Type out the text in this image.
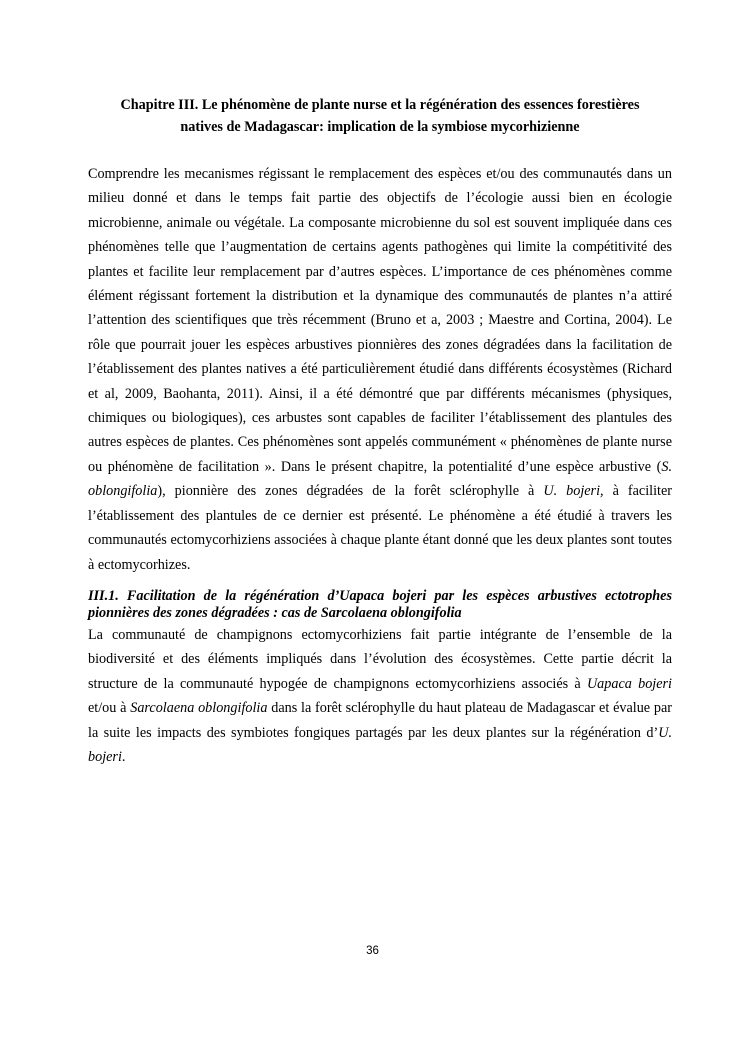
Chapitre III. Le phénomène de plante nurse et la régénération des essences forestières
natives de Madagascar: implication de la symbiose mycorhizienne

Comprendre les mecanismes régissant le remplacement des espèces et/ou des communautés dans un milieu donné et dans le temps fait partie des objectifs de l’écologie aussi bien en écologie microbienne, animale ou végétale. La composante microbienne du sol est souvent impliquée dans ces phénomènes telle que l’augmentation de certains agents pathogènes qui limite la compétitivité des plantes et facilite leur remplacement par d’autres espèces. L’importance de ces phénomènes comme élément régissant fortement la distribution et la dynamique des communautés de plantes n’a attiré l’attention des scientifiques que très récemment (Bruno et a, 2003 ; Maestre and Cortina, 2004). Le rôle que pourrait jouer les espèces arbustives pionnières des zones dégradées dans la facilitation de l’établissement des plantes natives a été particulièrement étudié dans différents écosystèmes (Richard et al, 2009, Baohanta, 2011). Ainsi, il a été démontré que par différents mécanismes (physiques, chimiques ou biologiques), ces arbustes sont capables de faciliter l’établissement des plantules des autres espèces de plantes. Ces phénomènes sont appelés communément « phénomènes de plante nurse ou phénomène de facilitation ». Dans le présent chapitre, la potentialité d’une espèce arbustive (S. oblongifolia), pionnière des zones dégradées de la forêt sclérophylle à U. bojeri, à faciliter l’établissement des plantules de ce dernier est présenté. Le phénomène a été étudié à travers les communautés ectomycorhiziens associées à chaque plante étant donné que les deux plantes sont toutes à ectomycorhizes.

III.1. Facilitation de la régénération d’Uapaca bojeri par les espèces arbustives ectotrophes pionnières des zones dégradées : cas de Sarcolaena oblongifolia

La communauté de champignons ectomycorhiziens fait partie intégrante de l’ensemble de la biodiversité et des éléments impliqués dans l’évolution des écosystèmes. Cette partie décrit la structure de la communauté hypogée de champignons ectomycorhiziens associés à Uapaca bojeri et/ou à Sarcolaena oblongifolia dans la forêt sclérophylle du haut plateau de Madagascar et évalue par la suite les impacts des symbiotes fongiques partagés par les deux plantes sur la régénération d’U. bojeri.

36
